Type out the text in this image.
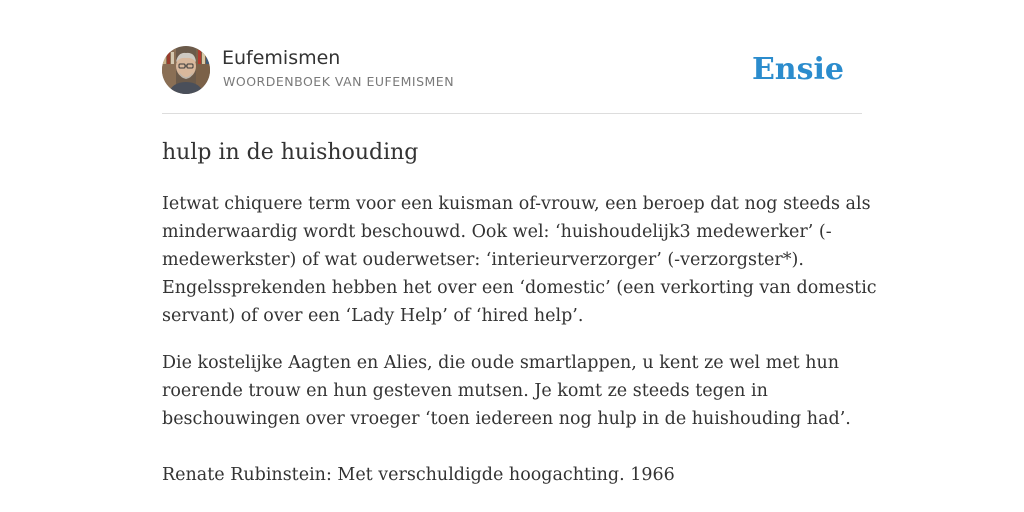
Eufemismen
WOORDENBOEK VAN EUFEMISMEN	Ensie
hulp in de huishouding

Ietwat chiquere term voor een kuisman of-vrouw, een beroep dat nog steeds als

minderwaardig wordt beschouwd. Ook wel: ‘huishoudelijk3 medewerker’ (-

medewerkster) of wat ouderwetser: ‘interieurverzorger’ (-verzorgster*).

Engelssprekenden hebben het over een ‘domestic’ (een verkorting van domestic

servant) of over een ‘Lady Help’ of ‘hired help’.

Die kostelijke Aagten en Alies, die oude smartlappen, u kent ze wel met hun

roerende trouw en hun gesteven mutsen. Je komt ze steeds tegen in

beschouwingen over vroeger ‘toen iedereen nog hulp in de huishouding had’.

Renate Rubinstein: Met verschuldigde hoogachting. 1966
